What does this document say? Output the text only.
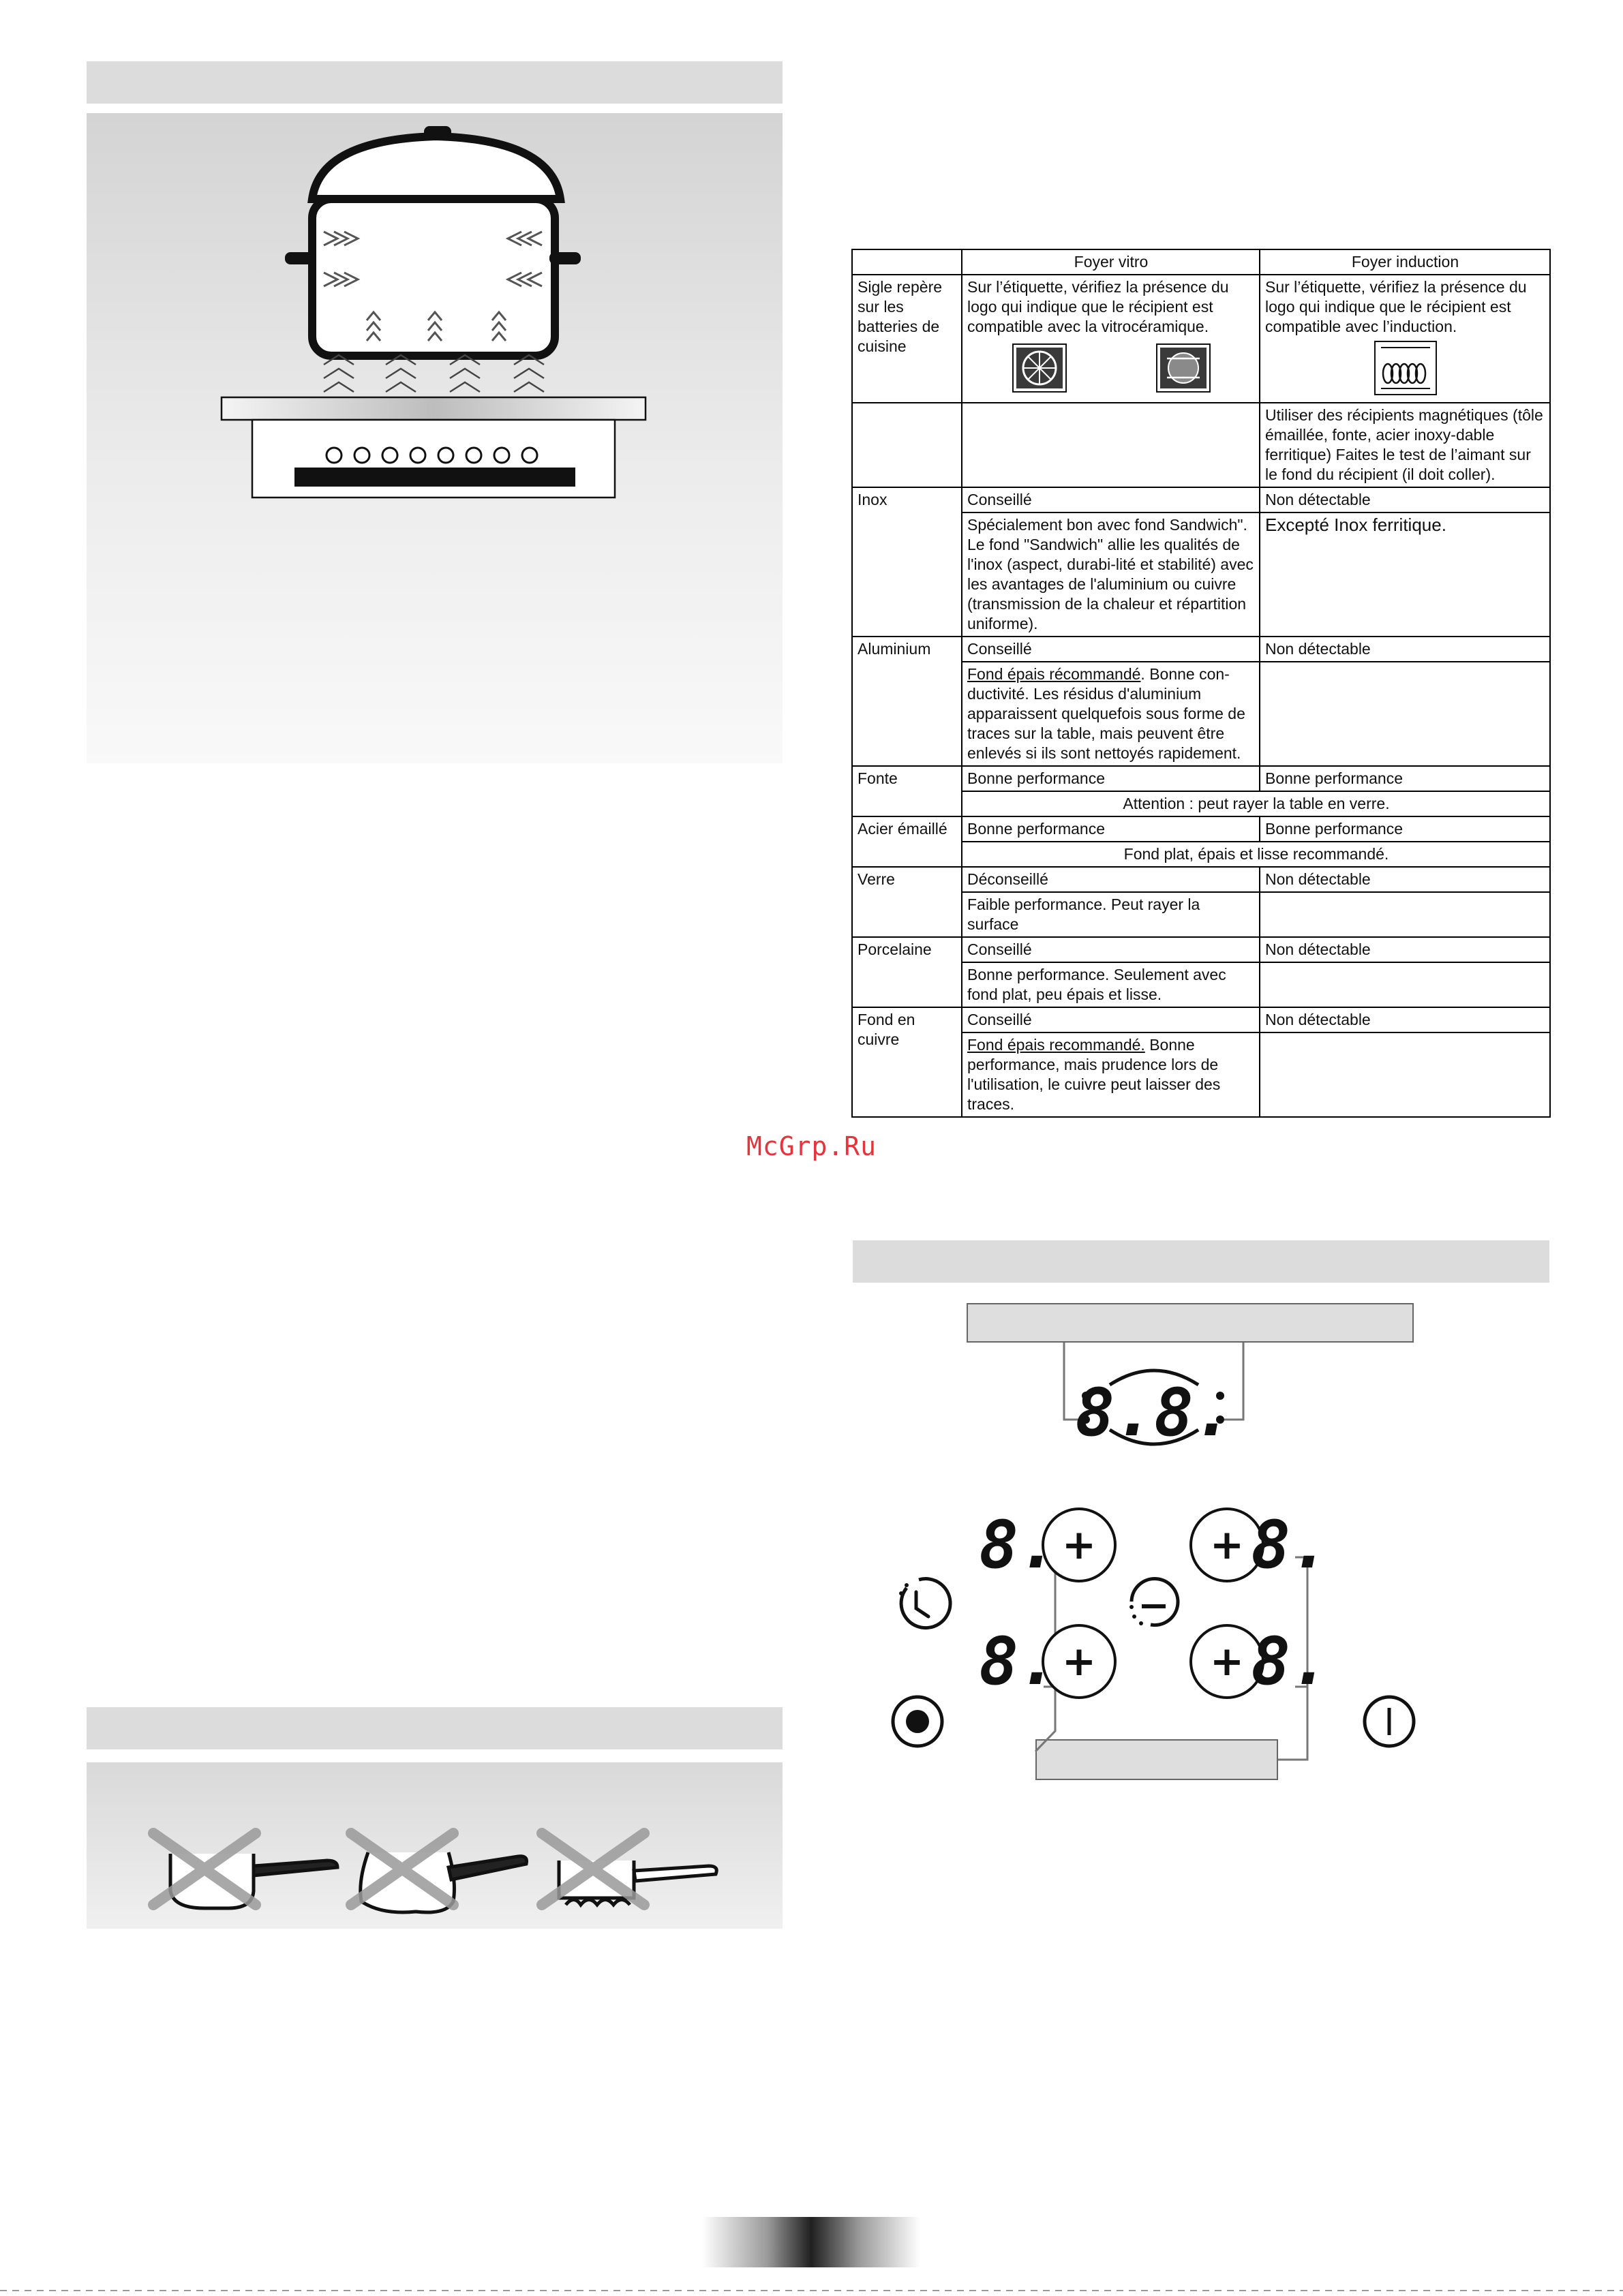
	Foyer vitro	Foyer induction
Sigle repère sur les batteries de cuisine	Sur l’étiquette, vérifiez la présence du logo qui indique que le récipient est compatible avec la vitrocéramique.	Sur l’étiquette, vérifiez la présence du logo qui indique que le récipient est compatible avec l’induction.

		Utiliser des récipients magnétiques (tôle émaillée, fonte, acier inoxy-dable ferritique) Faites le test de l’aimant sur le fond du récipient (il doit coller).
Inox	Conseillé	Non détectable
	Spécialement bon avec fond Sandwich". Le fond "Sandwich" allie les qualités de l'inox (aspect, durabi-lité et stabilité) avec les avantages de l'aluminium ou cuivre (transmission de la chaleur et répartition uniforme).	Excepté Inox ferritique.
Aluminium	Conseillé	Non détectable
	Fond épais récommandé. Bonne con-ductivité. Les résidus d'aluminium apparaissent quelquefois sous forme de traces sur la table, mais peuvent être enlevés si ils sont nettoyés rapidement.	
Fonte	Bonne performance	Bonne performance
	Attention : peut rayer la table en verre.	
Acier émaillé	Bonne performance	Bonne performance
	Fond plat, épais et lisse recommandé.	
Verre	Déconseillé	Non détectable
	Faible performance. Peut rayer la surface	
Porcelaine	Conseillé	Non détectable
	Bonne performance. Seulement avec fond plat, peu épais et lisse.	
Fond en cuivre	Conseillé	Non détectable
	Fond épais recommandé. Bonne performance, mais prudence lors de l'utilisation, le cuivre peut laisser des traces.	
McGrp.Ru
8.8.
+
8.	+ 8.
+
8.	+ 8.
